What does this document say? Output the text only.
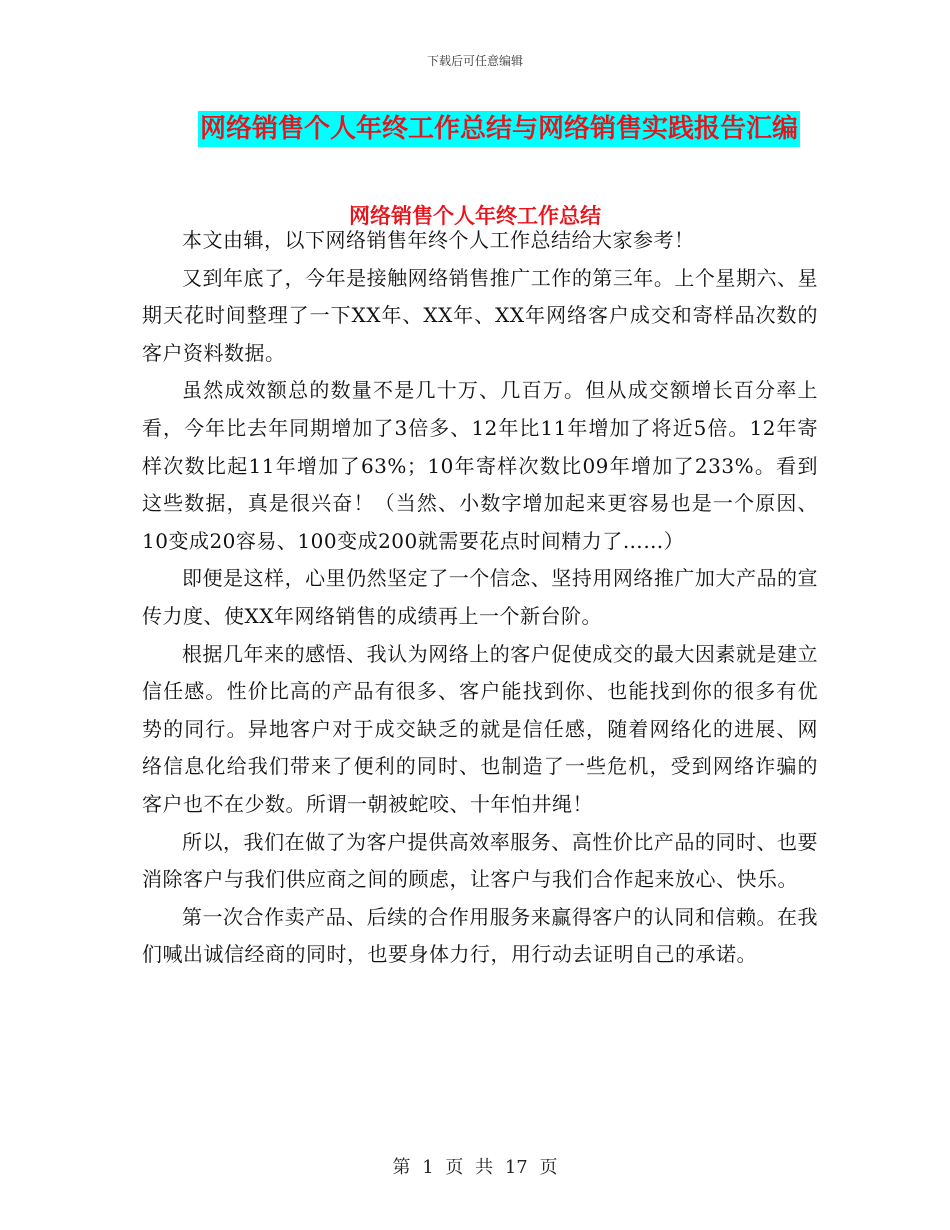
下载后可任意编辑
网络销售个人年终工作总结与网络销售实践报告汇编
网络销售个人年终工作总结

本文由辑，以下网络销售年终个人工作总结给大家参考！

又到年底了，今年是接触网络销售推广工作的第三年。上个星期六、星期天花时间整理了一下XX年、XX年、XX年网络客户成交和寄样品次数的客户资料数据。

虽然成效额总的数量不是几十万、几百万。但从成交额增长百分率上看，今年比去年同期增加了3倍多、12年比11年增加了将近5倍。12年寄样次数比起11年增加了63%；10年寄样次数比09年增加了233%。看到这些数据，真是很兴奋！（当然、小数字增加起来更容易也是一个原因、10变成20容易、100变成200就需要花点时间精力了……）

即便是这样，心里仍然坚定了一个信念、坚持用网络推广加大产品的宣传力度、使XX年网络销售的成绩再上一个新台阶。

根据几年来的感悟、我认为网络上的客户促使成交的最大因素就是建立信任感。性价比高的产品有很多、客户能找到你、也能找到你的很多有优势的同行。异地客户对于成交缺乏的就是信任感，随着网络化的进展、网络信息化给我们带来了便利的同时、也制造了一些危机，受到网络诈骗的客户也不在少数。所谓一朝被蛇咬、十年怕井绳！

所以，我们在做了为客户提供高效率服务、高性价比产品的同时、也要消除客户与我们供应商之间的顾虑，让客户与我们合作起来放心、快乐。

第一次合作卖产品、后续的合作用服务来赢得客户的认同和信赖。在我们喊出诚信经商的同时，也要身体力行，用行动去证明自己的承诺。

第 1 页 共 17 页
